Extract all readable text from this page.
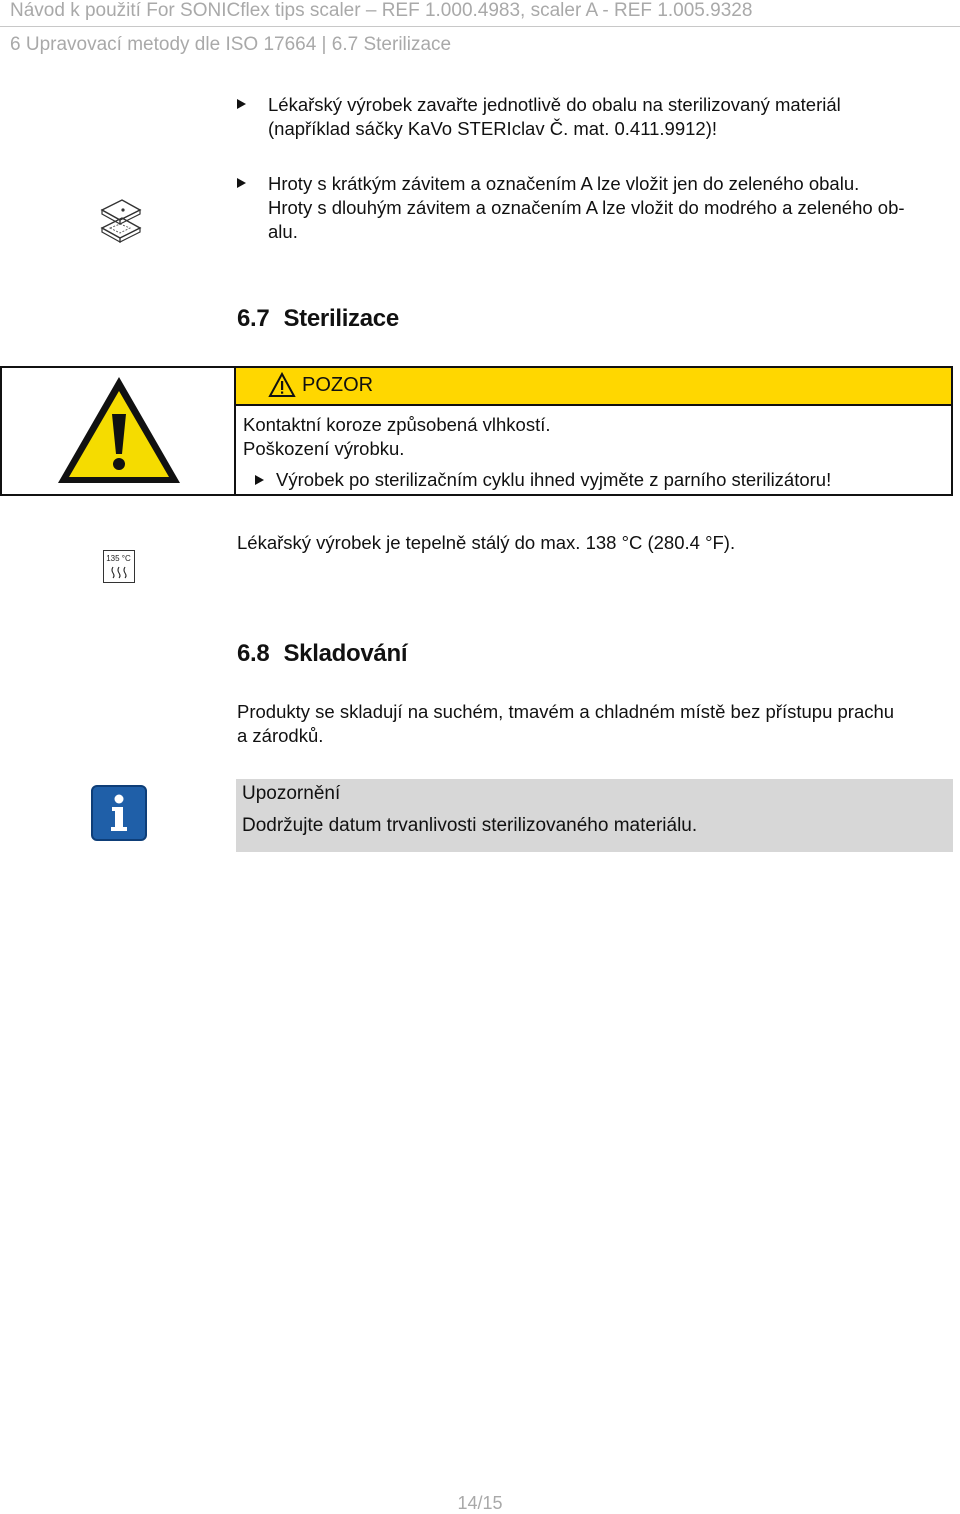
Návod k použití For SONICflex tips scaler – REF 1.000.4983, scaler A - REF 1.005.9328
6 Upravovací metody dle ISO 17664 | 6.7 Sterilizace
Lékařský výrobek zavařte jednotlivě do obalu na sterilizovaný materiál
(například sáčky KaVo STERIclav Č. mat. 0.411.9912)!
Hroty s krátkým závitem a označením A lze vložit jen do zeleného obalu.
Hroty s dlouhým závitem a označením A lze vložit do modrého a zeleného ob-
alu.
6.7 Sterilizace
POZOR
Kontaktní koroze způsobená vlhkostí.
Poškození výrobku.
Výrobek po sterilizačním cyklu ihned vyjměte z parního sterilizátoru!
135 °C
Lékařský výrobek je tepelně stálý do max. 138 °C (280.4 °F).
6.8 Skladování
Produkty se skladují na suchém, tmavém a chladném místě bez přístupu prachu
a zárodků.
Upozornění
Dodržujte datum trvanlivosti sterilizovaného materiálu.
14/15
